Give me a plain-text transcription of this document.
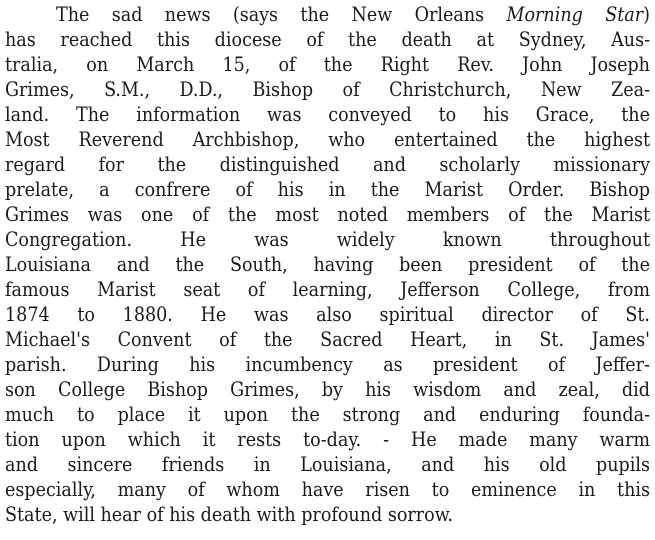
The sad news (says the New Orleans Morning Star)
has reached this diocese of the death at Sydney, Aus-
tralia, on March 15, of the Right Rev. John Joseph
Grimes, S.M., D.D., Bishop of Christchurch, New Zea-
land. The information was conveyed to his Grace, the
Most Reverend Archbishop, who entertained the highest
regard for the distinguished and scholarly missionary
prelate, a confrere of his in the Marist Order. Bishop
Grimes was one of the most noted members of the Marist
Congregation. He was widely known throughout
Louisiana and the South, having been president of the
famous Marist seat of learning, Jefferson College, from
1874 to 1880. He was also spiritual director of St.
Michael's Convent of the Sacred Heart, in St. James'
parish. During his incumbency as president of Jeffer-
son College Bishop Grimes, by his wisdom and zeal, did
much to place it upon the strong and enduring founda-
tion upon which it rests to-day. - He made many warm
and sincere friends in Louisiana, and his old pupils
especially, many of whom have risen to eminence in this
State, will hear of his death with profound sorrow.
